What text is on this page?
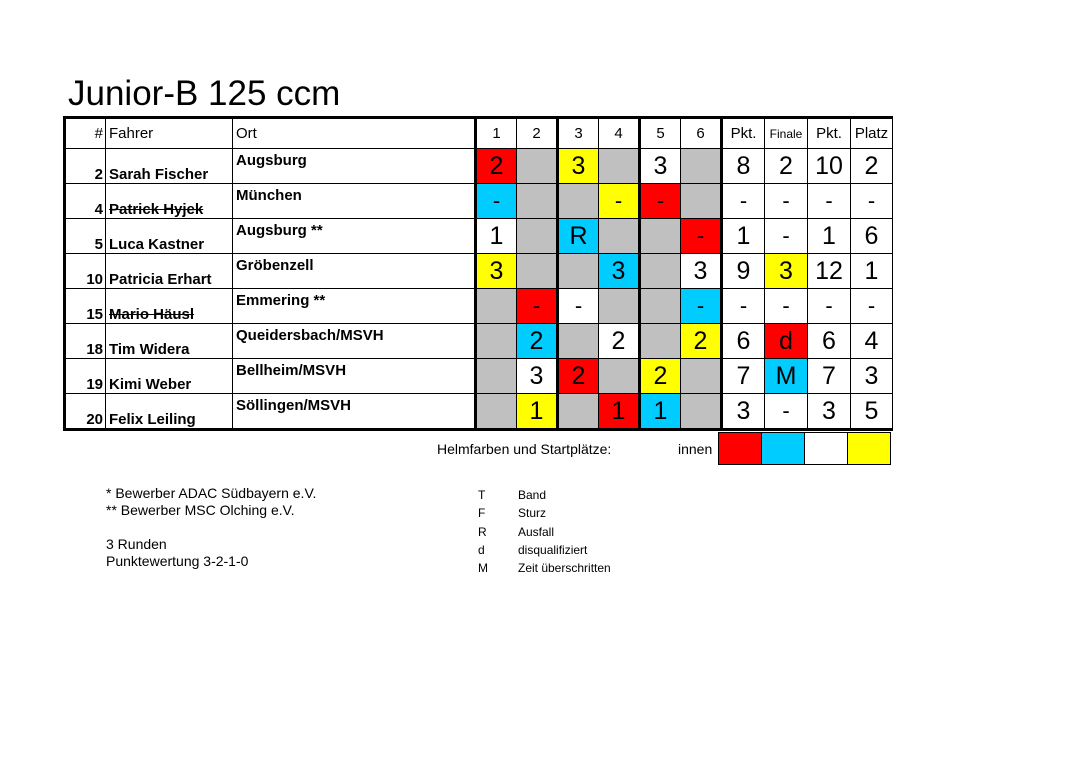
Junior-B 125 ccm
#	Fahrer	Ort	1	2	3	4	5	6	Pkt.	Finale	Pkt.	Platz
2	Sarah Fischer	Augsburg	2		3		3		8	2	10	2
4	Patrick Hyjek	München	-			-	-		-	-	-	-
5	Luca Kastner	Augsburg **	1		R			-	1	-	1	6
10	Patricia Erhart	Gröbenzell	3			3		3	9	3	12	1
15	Mario Häusl	Emmering **		-	-			-	-	-	-	-
18	Tim Widera	Queidersbach/MSVH		2		2		2	6	d	6	4
19	Kimi Weber	Bellheim/MSVH		3	2		2		7	M	7	3
20	Felix Leiling	Söllingen/MSVH		1		1	1		3	-	3	5
Helmfarben und Startplätze:	innen
* Bewerber ADAC Südbayern e.V.
** Bewerber MSC Olching e.V.
3 Runden
Punktewertung 3-2-1-0
T	Band
F	Sturz
R	Ausfall
d	disqualifiziert
M	Zeit überschritten
